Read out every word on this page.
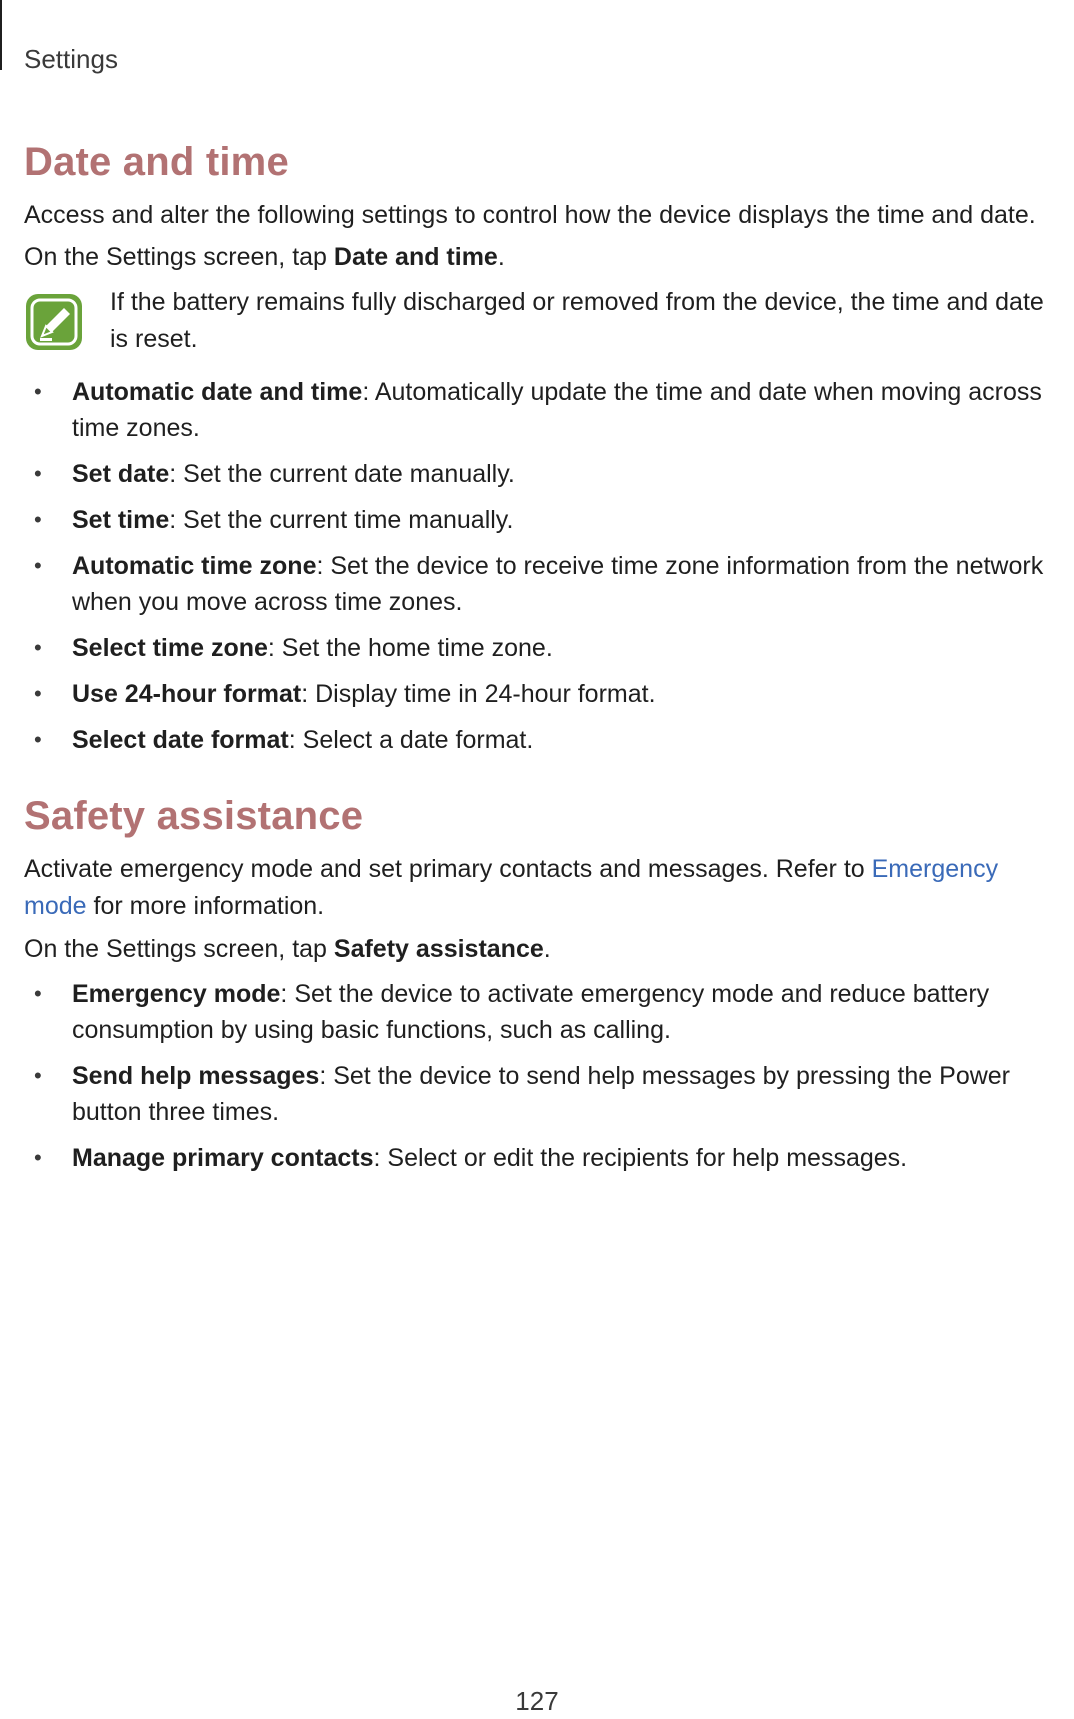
Settings
Date and time

Access and alter the following settings to control how the device displays the time and date.

On the Settings screen, tap Date and time.

If the battery remains fully discharged or removed from the device, the time and date is reset.

• Automatic date and time: Automatically update the time and date when moving across time zones.
• Set date: Set the current date manually.
• Set time: Set the current time manually.
• Automatic time zone: Set the device to receive time zone information from the network when you move across time zones.
• Select time zone: Set the home time zone.
• Use 24-hour format: Display time in 24-hour format.
• Select date format: Select a date format.
Safety assistance

Activate emergency mode and set primary contacts and messages. Refer to Emergency mode for more information.

On the Settings screen, tap Safety assistance.

• Emergency mode: Set the device to activate emergency mode and reduce battery consumption by using basic functions, such as calling.
• Send help messages: Set the device to send help messages by pressing the Power button three times.
• Manage primary contacts: Select or edit the recipients for help messages.
127
